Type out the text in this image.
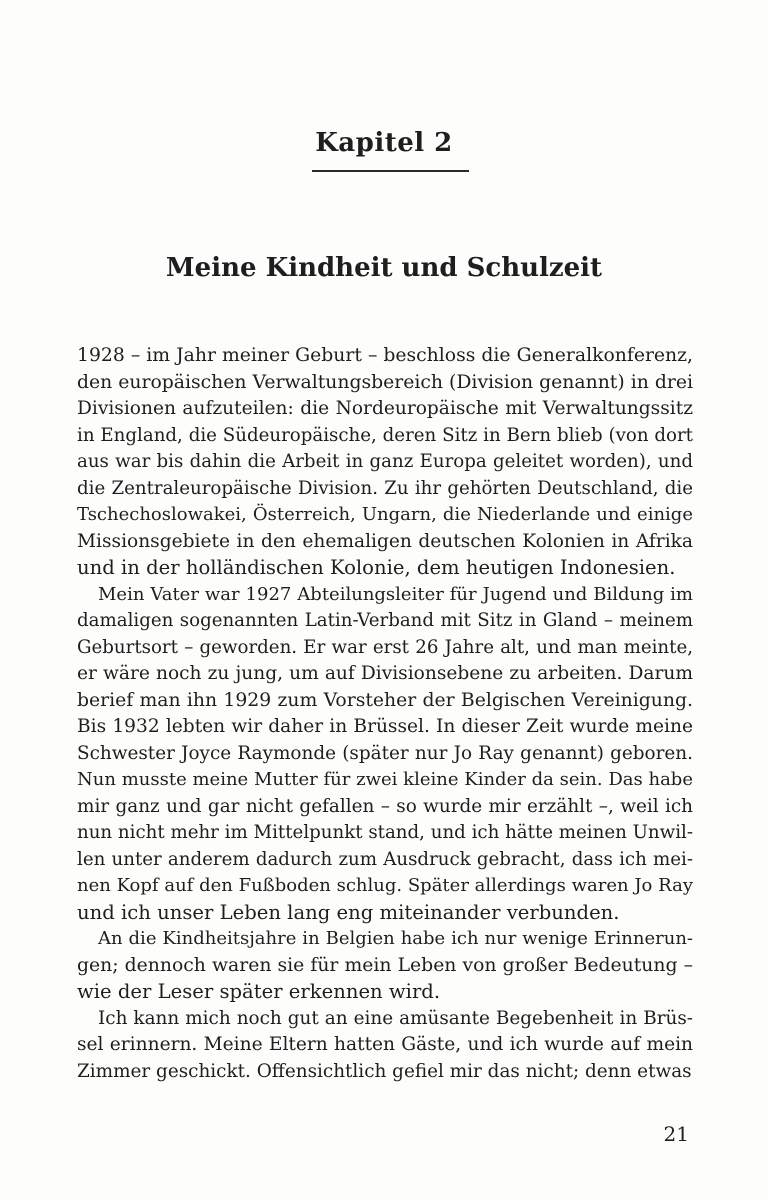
Kapitel 2
Meine Kindheit und Schulzeit
1928 – im Jahr meiner Geburt – beschloss die Generalkonferenz,
den europäischen Verwaltungsbereich (Division genannt) in drei
Divisionen aufzuteilen: die Nordeuropäische mit Verwaltungssitz
in England, die Südeuropäische, deren Sitz in Bern blieb (von dort
aus war bis dahin die Arbeit in ganz Europa geleitet worden), und
die Zentraleuropäische Division. Zu ihr gehörten Deutschland, die
Tschechoslowakei, Österreich, Ungarn, die Niederlande und einige
Missionsgebiete in den ehemaligen deutschen Kolonien in Afrika
und in der holländischen Kolonie, dem heutigen Indonesien.
Mein Vater war 1927 Abteilungsleiter für Jugend und Bildung im
damaligen sogenannten Latin-Verband mit Sitz in Gland – meinem
Geburtsort – geworden. Er war erst 26 Jahre alt, und man meinte,
er wäre noch zu jung, um auf Divisionsebene zu arbeiten. Darum
berief man ihn 1929 zum Vorsteher der Belgischen Vereinigung.
Bis 1932 lebten wir daher in Brüssel. In dieser Zeit wurde meine
Schwester Joyce Raymonde (später nur Jo Ray genannt) geboren.
Nun musste meine Mutter für zwei kleine Kinder da sein. Das habe
mir ganz und gar nicht gefallen – so wurde mir erzählt –, weil ich
nun nicht mehr im Mittelpunkt stand, und ich hätte meinen Unwil-
len unter anderem dadurch zum Ausdruck gebracht, dass ich mei-
nen Kopf auf den Fußboden schlug. Später allerdings waren Jo Ray
und ich unser Leben lang eng miteinander verbunden.
An die Kindheitsjahre in Belgien habe ich nur wenige Erinnerun-
gen; dennoch waren sie für mein Leben von großer Bedeutung –
wie der Leser später erkennen wird.
Ich kann mich noch gut an eine amüsante Begebenheit in Brüs-
sel erinnern. Meine Eltern hatten Gäste, und ich wurde auf mein
Zimmer geschickt. Offensichtlich gefiel mir das nicht; denn etwas
21
